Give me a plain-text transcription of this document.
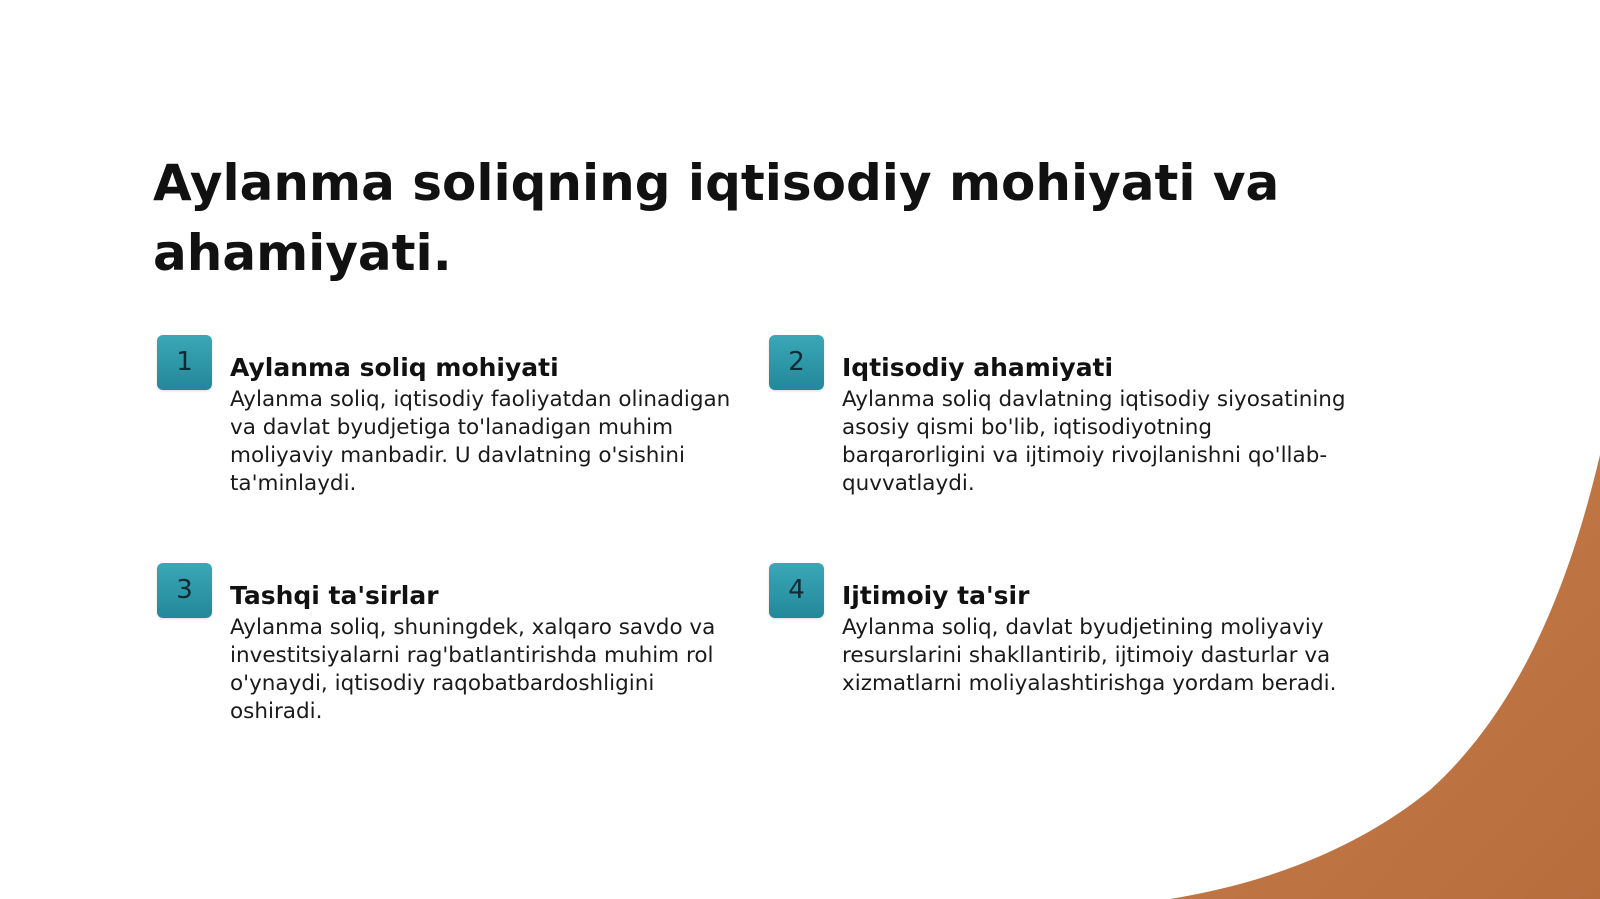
Aylanma soliqning iqtisodiy mohiyati va ahamiyati.
1	Aylanma soliq mohiyati

Aylanma soliq, iqtisodiy faoliyatdan olinadigan va davlat byudjetiga to'lanadigan muhim moliyaviy manbadir. U davlatning o'sishini ta'minlaydi.

2	Iqtisodiy ahamiyati

Aylanma soliq davlatning iqtisodiy siyosatining asosiy qismi bo'lib, iqtisodiyotning barqarorligini va ijtimoiy rivojlanishni qo'llab-quvvatlaydi.

3	Tashqi ta'sirlar

Aylanma soliq, shuningdek, xalqaro savdo va investitsiyalarni rag'batlantirishda muhim rol o'ynaydi, iqtisodiy raqobatbardoshligini oshiradi.

4	Ijtimoiy ta'sir

Aylanma soliq, davlat byudjetining moliyaviy resurslarini shakllantirib, ijtimoiy dasturlar va xizmatlarni moliyalashtirishga yordam beradi.
